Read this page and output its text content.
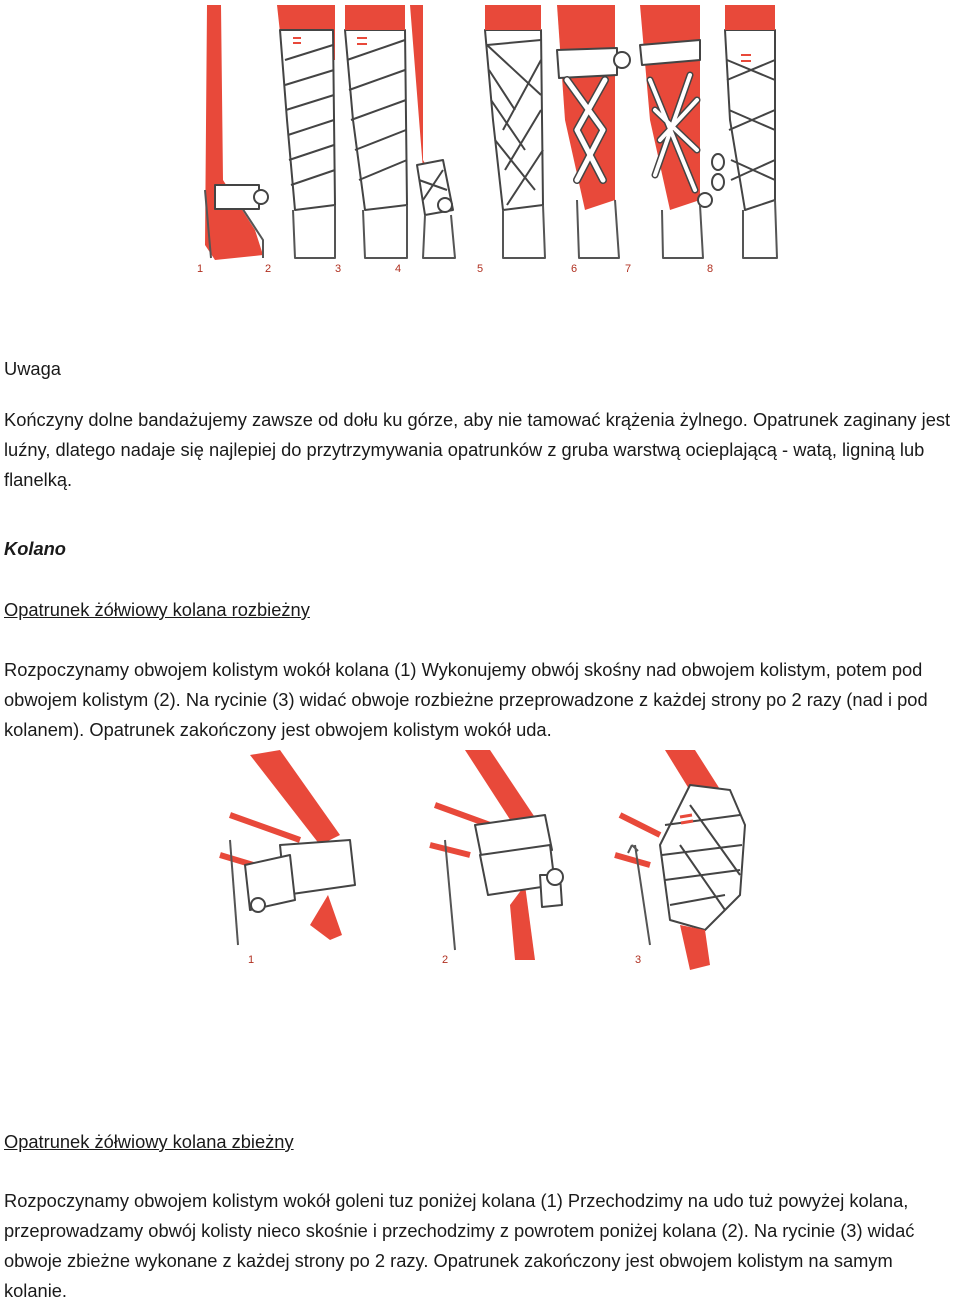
1	2	3	4	5	6	7	8

Uwaga

Kończyny dolne bandażujemy zawsze od dołu ku górze, aby nie tamować krążenia żylnego. Opatrunek zaginany jest luźny, dlatego nadaje się najlepiej do przytrzymywania opatrunków z gruba warstwą ocieplającą - watą, ligniną lub flanelką.

Kolano

Opatrunek żółwiowy kolana rozbieżny

Rozpoczynamy obwojem kolistym wokół kolana (1) Wykonujemy obwój skośny nad obwojem kolistym, potem pod obwojem kolistym (2). Na rycinie (3) widać obwoje rozbieżne przeprowadzone z każdej strony po 2 razy (nad i pod kolanem). Opatrunek zakończony jest obwojem kolistym wokół uda.

1	2	3

Opatrunek żółwiowy kolana zbieżny

Rozpoczynamy obwojem kolistym wokół goleni tuz poniżej kolana (1) Przechodzimy na udo tuż powyżej kolana, przeprowadzamy obwój kolisty nieco skośnie i przechodzimy z powrotem poniżej kolana (2). Na rycinie (3) widać obwoje zbieżne wykonane z każdej strony po 2 razy. Opatrunek zakończony jest obwojem kolistym na samym kolanie.
